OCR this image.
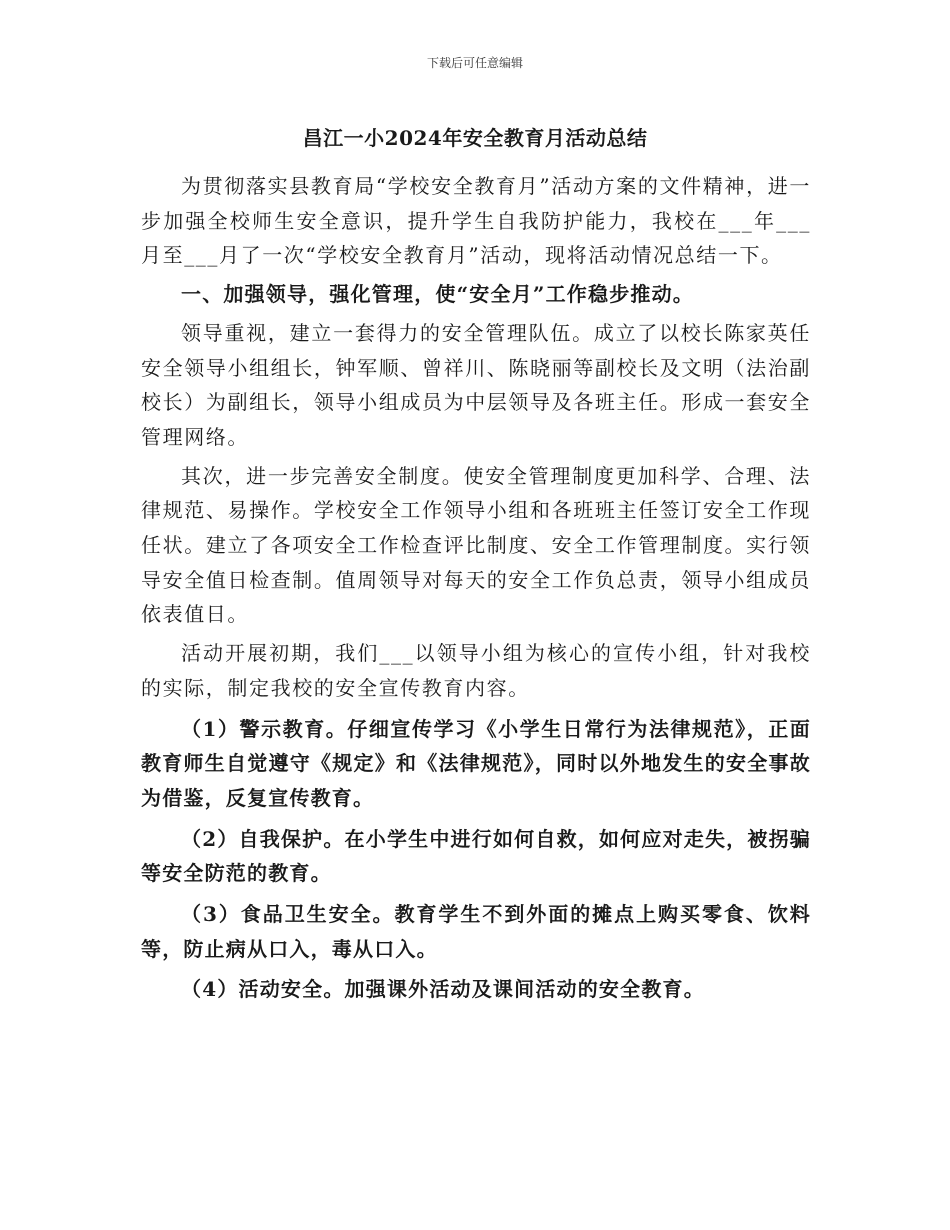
下载后可任意编辑
昌江一小2024年安全教育月活动总结

为贯彻落实县教育局“学校安全教育月”活动方案的文件精神，进一步加强全校师生安全意识，提升学生自我防护能力，我校在___年___月至___月了一次“学校安全教育月”活动，现将活动情况总结一下。

一、加强领导，强化管理，使“安全月”工作稳步推动。

领导重视，建立一套得力的安全管理队伍。成立了以校长陈家英任安全领导小组组长，钟军顺、曾祥川、陈晓丽等副校长及文明（法治副校长）为副组长，领导小组成员为中层领导及各班主任。形成一套安全管理网络。

其次，进一步完善安全制度。使安全管理制度更加科学、合理、法律规范、易操作。学校安全工作领导小组和各班班主任签订安全工作现任状。建立了各项安全工作检查评比制度、安全工作管理制度。实行领导安全值日检查制。值周领导对每天的安全工作负总责，领导小组成员依表值日。

活动开展初期，我们___以领导小组为核心的宣传小组，针对我校的实际，制定我校的安全宣传教育内容。

（1）警示教育。仔细宣传学习《小学生日常行为法律规范》，正面教育师生自觉遵守《规定》和《法律规范》，同时以外地发生的安全事故为借鉴，反复宣传教育。

（2）自我保护。在小学生中进行如何自救，如何应对走失，被拐骗等安全防范的教育。

（3）食品卫生安全。教育学生不到外面的摊点上购买零食、饮料等，防止病从口入，毒从口入。

（4）活动安全。加强课外活动及课间活动的安全教育。
